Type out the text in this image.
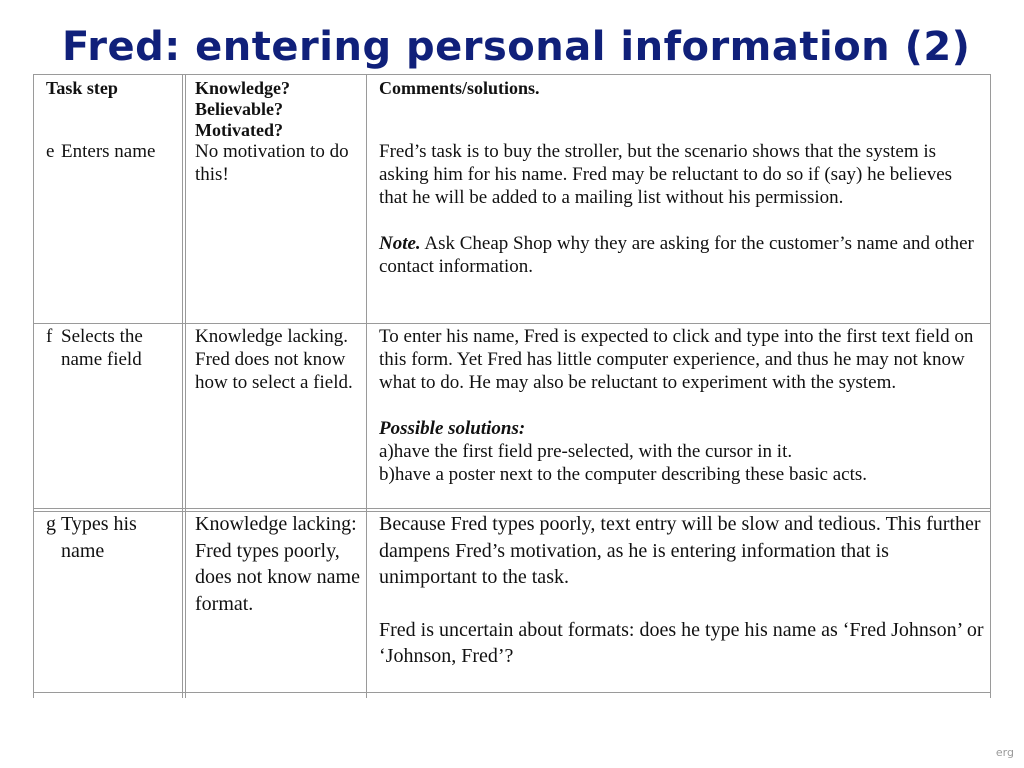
Fred: entering personal information (2)
Task step	Knowledge?

Believable?

Motivated?

Comments/solutions.
e Enters name No motivation to do this!

Fred’s task is to buy the stroller, but the scenario shows that the system is asking him for his name. Fred may be reluctant to do so if (say) he believes that he will be added to a mailing list without his permission.

Note. Ask Cheap Shop why they are asking for the customer’s name and other contact information.

f Selects the name field
Knowledge lacking. Fred does not know how to select a field.

To enter his name, Fred is expected to click and type into the first text field on this form. Yet Fred has little computer experience, and thus he may not know what to do. He may also be reluctant to experiment with the system.

Possible solutions:

a)have the first field pre-selected, with the cursor in it.

b)have a poster next to the computer describing these basic acts.

g Types his name
Knowledge lacking: Fred types poorly, does not know name format.

Because Fred types poorly, text entry will be slow and tedious. This further dampens Fred’s motivation, as he is entering information that is unimportant to the task.

Fred is uncertain about formats: does he type his name as ‘Fred Johnson’ or ‘Johnson, Fred’?

erg
